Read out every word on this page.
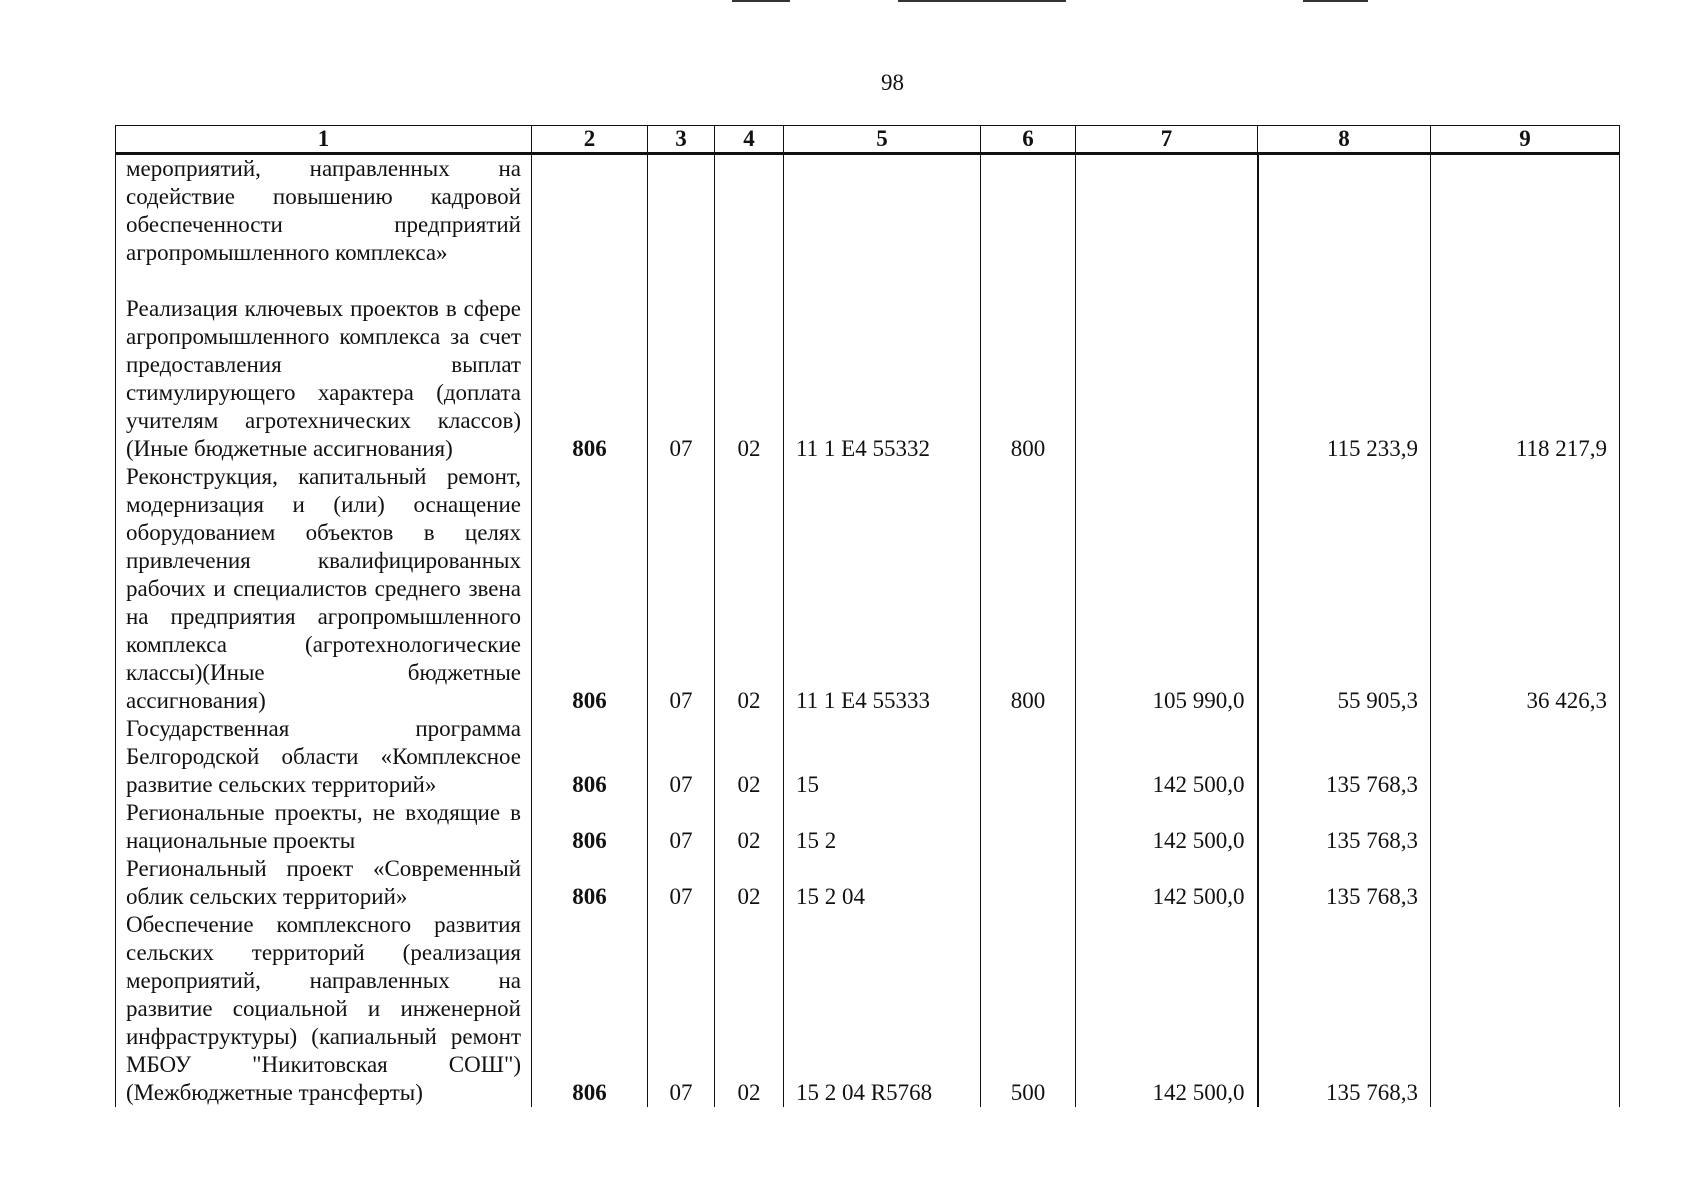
98
1	2	3	4	5	6	7	8	9
мероприятий, направленных на содействие повышению кадровой обеспеченности предприятий агропромышленного комплекса»								
Реализация ключевых проектов в сфере агропромышленного комплекса за счет предоставления выплат стимулирующего характера (доплата учителям агротехнических классов) (Иные бюджетные ассигнования)	806	07	02	11 1 Е4 55332	800		115 233,9	118 217,9
Реконструкция, капитальный ремонт, модернизация и (или) оснащение оборудованием объектов в целях привлечения квалифицированных рабочих и специалистов среднего звена на предприятия агропромышленного комплекса (агротехнологические классы)(Иные бюджетные ассигнования)	806	07	02	11 1 Е4 55333	800	105 990,0	55 905,3	36 426,3
Государственная программа Белгородской области «Комплексное развитие сельских территорий»	806	07	02	15		142 500,0	135 768,3	
Региональные проекты, не входящие в национальные проекты	806	07	02	15 2		142 500,0	135 768,3	
Региональный проект «Современный облик сельских территорий»	806	07	02	15 2 04		142 500,0	135 768,3	
Обеспечение комплексного развития сельских территорий (реализация мероприятий, направленных на развитие социальной и инженерной инфраструктуры) (капиальный ремонт МБОУ "Никитовская СОШ") (Межбюджетные трансферты)	806	07	02	15 2 04 R5768	500	142 500,0	135 768,3	
